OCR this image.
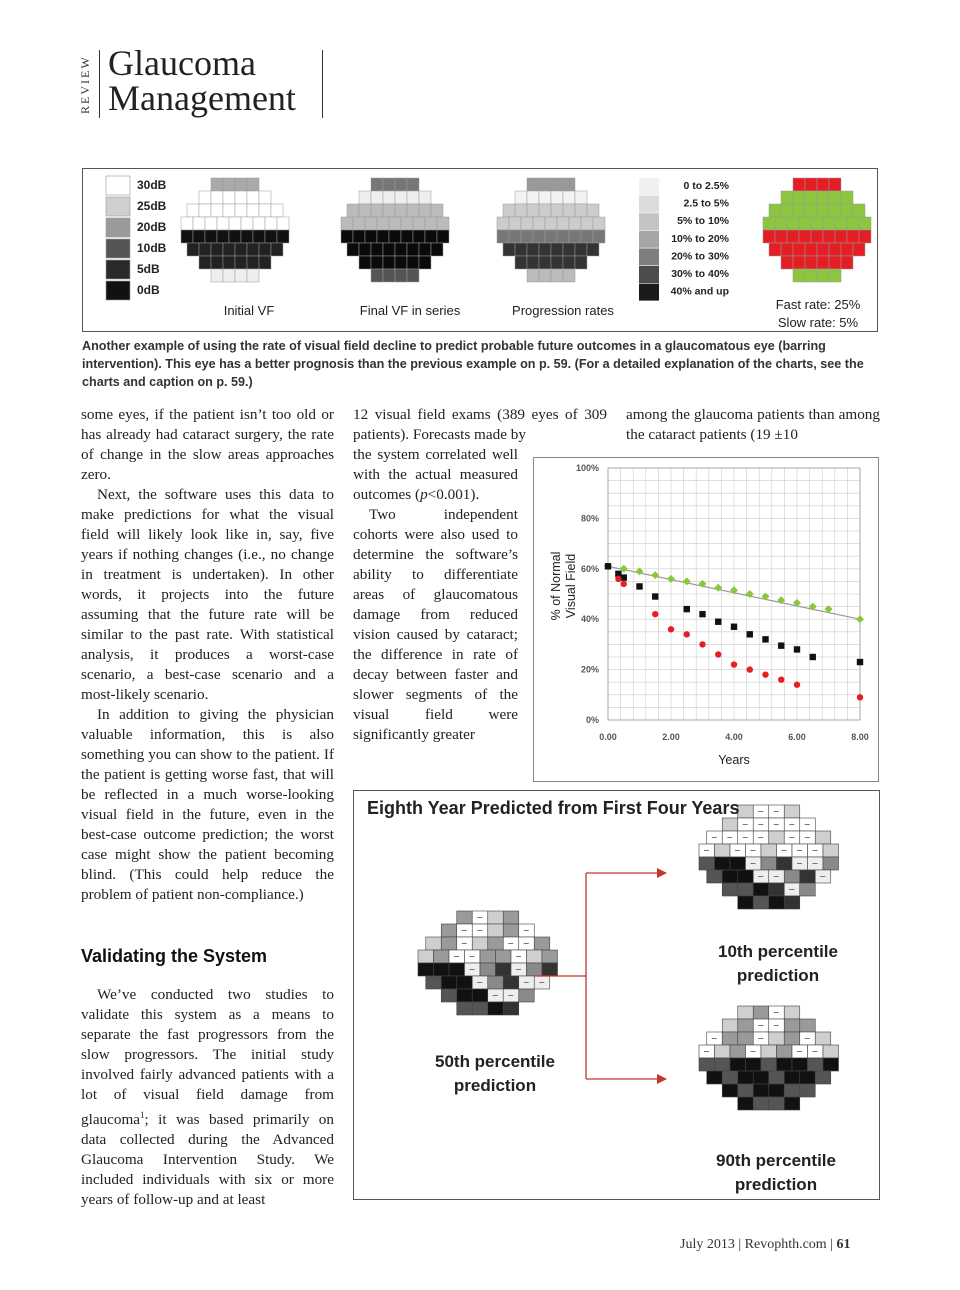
REVIEW Glaucoma
Management
30dB
25dB
20dB
10dB
5dB
0dB
0 to 2.5%
2.5 to 5%
5% to 10%
10% to 20%
20% to 30%
30% to 40%
40% and up
Initial VF	Final VF in series	Progression rates	Fast rate: 25%
Slow rate: 5%
Another example of using the rate of visual field decline to predict probable future outcomes in a glaucomatous eye (barring intervention). This eye has a better prognosis than the previous example on p. 59. (For a detailed explanation of the charts, see the charts and caption on p. 59.)

some eyes, if the patient isn’t too old or has already had cataract surgery, the rate of change in the slow areas approaches zero.

Next, the software uses this data to make predictions for what the visual field will likely look like in, say, five years if nothing changes (i.e., no change in treatment is undertaken). In other words, it projects into the future assuming that the future rate will be similar to the past rate. With statistical analysis, it produces a worst-case scenario, a best-case scenario and a most-likely scenario.

In addition to giving the physician valuable information, this is also something you can show to the patient. If the patient is getting worse fast, that will be reflected in a much worse-looking visual field in the future, even in the best-case outcome prediction; the worst case might show the patient becoming blind. (This could help reduce the problem of patient non-compliance.)

Validating the System

We’ve conducted two studies to validate this system as a means to separate the fast progressors from the slow progressors. The initial study involved fairly advanced patients with a lot of visual field damage from glaucoma$^1$; it was based primarily on data collected during the Advanced Glaucoma Intervention Study. We included individuals with six or more years of follow-up and at least

12 visual field exams (389 eyes of 309 patients). Forecasts made by

the system correlated well with the actual measured outcomes (p<0.001).

Two independent cohorts were also used to determine the software’s ability to differentiate areas of glaucomatous damage from reduced vision caused by cataract; the difference in rate of decay between faster and slower segments of the visual field were significantly greater

among the glaucoma patients than among the cataract patients (19 ±10

0%
20%
40%
60%
80%
100%
0.00	2.00	4.00	6.00	8.00
Years
% of NormalVisual Field
Eighth Year Predicted from First Four Years
50th percentile
prediction
10th percentile
prediction
90th percentile
prediction
July 2013 | Revophth.com | 61
